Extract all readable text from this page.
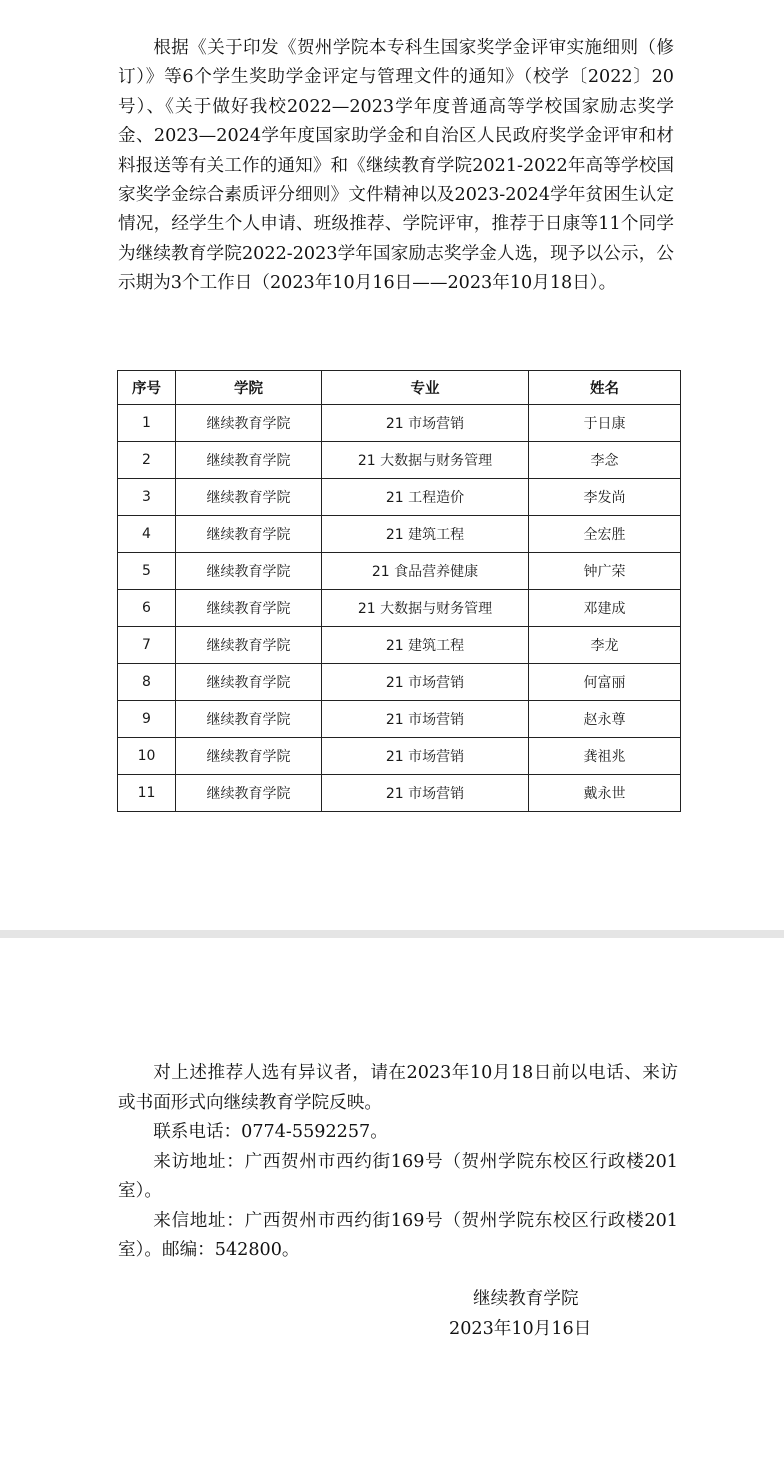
根据《关于印发《贺州学院本专科生国家奖学金评审实施细则（修订）》等6个学生奖助学金评定与管理文件的通知》（校学〔2022〕20号）、《关于做好我校2022—2023学年度普通高等学校国家励志奖学金、2023—2024学年度国家助学金和自治区人民政府奖学金评审和材料报送等有关工作的通知》和《继续教育学院2021-2022年高等学校国家奖学金综合素质评分细则》文件精神以及2023-2024学年贫困生认定情况，经学生个人申请、班级推荐、学院评审，推荐于日康等11个同学为继续教育学院2022-2023学年国家励志奖学金人选，现予以公示，公示期为3个工作日（2023年10月16日——2023年10月18日）。

序号	学院	专业	姓名
1	继续教育学院	21 市场营销	于日康
2	继续教育学院	21 大数据与财务管理	李念
3	继续教育学院	21 工程造价	李发尚
4	继续教育学院	21 建筑工程	全宏胜
5	继续教育学院	21 食品营养健康	钟广荣
6	继续教育学院	21 大数据与财务管理	邓建成
7	继续教育学院	21 建筑工程	李龙
8	继续教育学院	21 市场营销	何富丽
9	继续教育学院	21 市场营销	赵永尊
10	继续教育学院	21 市场营销	龚祖兆
11	继续教育学院	21 市场营销	戴永世

对上述推荐人选有异议者，请在2023年10月18日前以电话、来访或书面形式向继续教育学院反映。

联系电话：0774-5592257。

来访地址：广西贺州市西约街169号（贺州学院东校区行政楼201室）。

来信地址：广西贺州市西约街169号（贺州学院东校区行政楼201室）。邮编：542800。

继续教育学院
2023年10月16日
